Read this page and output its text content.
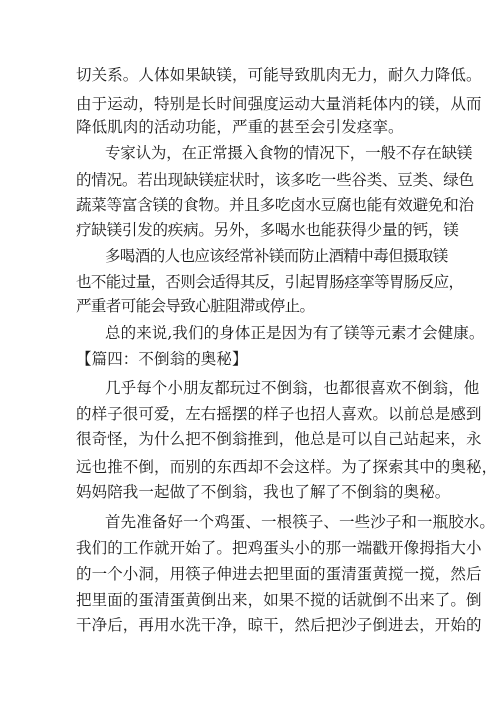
切关系。人体如果缺镁，可能导致肌肉无力，耐久力降低。
由于运动，特别是长时间强度运动大量消耗体内的镁，从而
降低肌肉的活动功能，严重的甚至会引发痉挛。
专家认为，在正常摄入食物的情况下，一般不存在缺镁
的情况。若出现缺镁症状时，该多吃一些谷类、豆类、绿色
蔬菜等富含镁的食物。并且多吃卤水豆腐也能有效避免和治
疗缺镁引发的疾病。另外，多喝水也能获得少量的钙，镁
多喝酒的人也应该经常补镁而防止酒精中毒但摄取镁
也不能过量，否则会适得其反，引起胃肠痉挛等胃肠反应，
严重者可能会导致心脏阻滞或停止。
总的来说,我们的身体正是因为有了镁等元素才会健康。
【篇四：不倒翁的奥秘】
几乎每个小朋友都玩过不倒翁，也都很喜欢不倒翁，他
的样子很可爱，左右摇摆的样子也招人喜欢。以前总是感到
很奇怪，为什么把不倒翁推到，他总是可以自己站起来，永
远也推不倒，而别的东西却不会这样。为了探索其中的奥秘，
妈妈陪我一起做了不倒翁，我也了解了不倒翁的奥秘。
首先准备好一个鸡蛋、一根筷子、一些沙子和一瓶胶水。
我们的工作就开始了。把鸡蛋头小的那一端戳开像拇指大小
的一个小洞，用筷子伸进去把里面的蛋清蛋黄搅一搅，然后
把里面的蛋清蛋黄倒出来，如果不搅的话就倒不出来了。倒
干净后，再用水洗干净，晾干，然后把沙子倒进去，开始的
